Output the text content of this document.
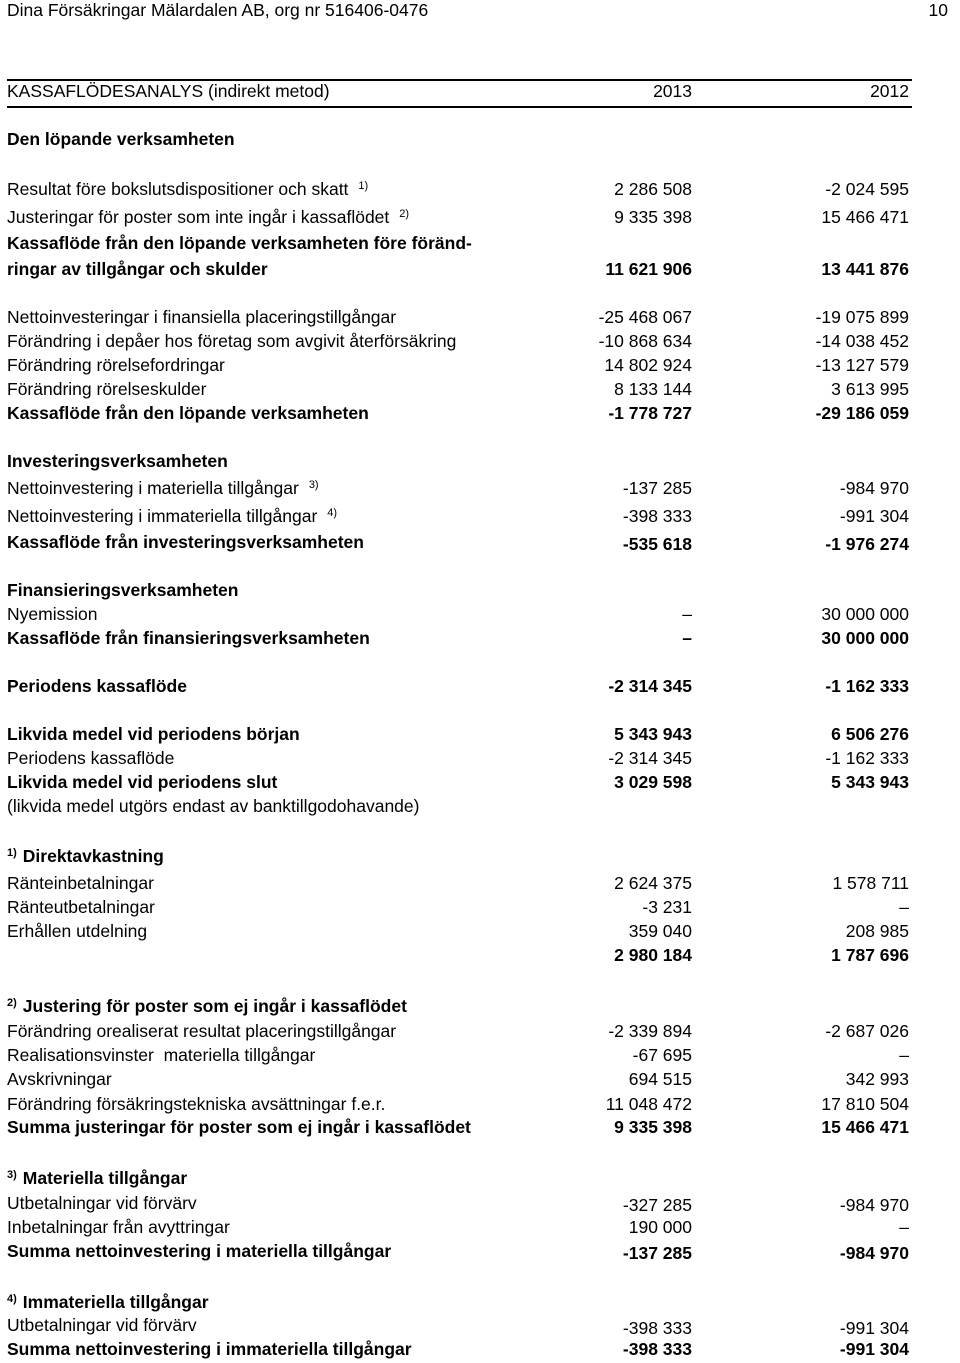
Dina Försäkringar Mälardalen AB, org nr 516406-0476	10
KASSAFLÖDESANALYS (indirekt metod)	2013	2012
Den löpande verksamheten
Resultat före bokslutsdispositioner och skatt $^{1)}$	2 286 508	-2 024 595
Justeringar för poster som inte ingår i kassaflödet $^{2)}$	9 335 398	15 466 471
Kassaflöde från den löpande verksamheten före föränd-
ringar av tillgångar och skulder	11 621 906	13 441 876
Nettoinvesteringar i finansiella placeringstillgångar	-25 468 067	-19 075 899
Förändring i depåer hos företag som avgivit återförsäkring	-10 868 634	-14 038 452
Förändring rörelsefordringar	14 802 924	-13 127 579
Förändring rörelseskulder	8 133 144	3 613 995
Kassaflöde från den löpande verksamheten	-1 778 727	-29 186 059
Investeringsverksamheten
Nettoinvestering i materiella tillgångar $^{3)}$	-137 285	-984 970
Nettoinvestering i immateriella tillgångar $^{4)}$	-398 333	-991 304
Kassaflöde från investeringsverksamheten	-535 618	-1 976 274
Finansieringsverksamheten
Nyemission	–	30 000 000
Kassaflöde från finansieringsverksamheten	–	30 000 000
Periodens kassaflöde	-2 314 345	-1 162 333
Likvida medel vid periodens början	5 343 943	6 506 276
Periodens kassaflöde	-2 314 345	-1 162 333
Likvida medel vid periodens slut	3 029 598	5 343 943
(likvida medel utgörs endast av banktillgodohavande)
$^{1)}$ Direktavkastning
Ränteinbetalningar	2 624 375	1 578 711
Ränteutbetalningar	-3 231	–
Erhållen utdelning	359 040	208 985
2 980 184	1 787 696
$^{2)}$ Justering för poster som ej ingår i kassaflödet
Förändring orealiserat resultat placeringstillgångar	-2 339 894	-2 687 026
Realisationsvinster  materiella tillgångar	-67 695	–
Avskrivningar	694 515	342 993
Förändring försäkringstekniska avsättningar f.e.r.	11 048 472	17 810 504
Summa justeringar för poster som ej ingår i kassaflödet	9 335 398	15 466 471
$^{3)}$ Materiella tillgångar
Utbetalningar vid förvärv	-327 285	-984 970
Inbetalningar från avyttringar	190 000	–
Summa nettoinvestering i materiella tillgångar	-137 285	-984 970
$^{4)}$ Immateriella tillgångar
Utbetalningar vid förvärv	-398 333	-991 304
Summa nettoinvestering i immateriella tillgångar	-398 333	-991 304
